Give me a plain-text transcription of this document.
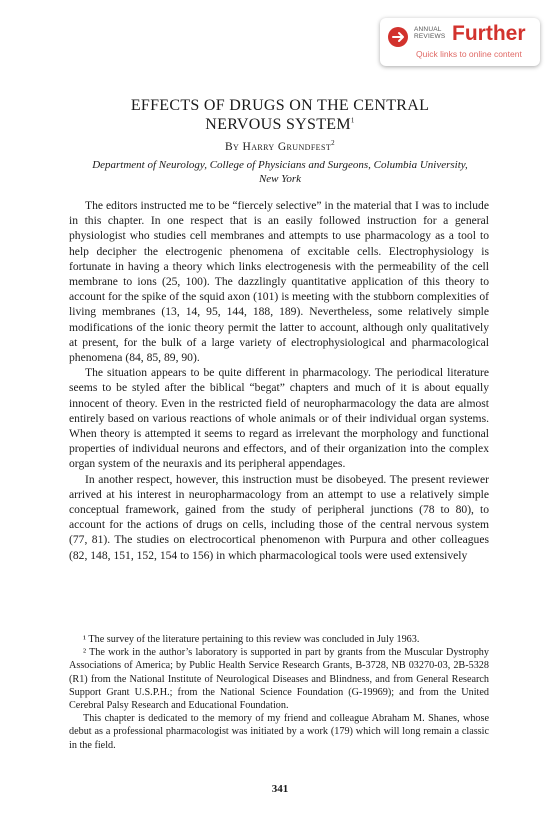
ANNUAL
REVIEWS Further
Quick links to online content
EFFECTS OF DRUGS ON THE CENTRAL
NERVOUS SYSTEM$^1$
By Harry Grundfest$^2$
Department of Neurology, College of Physicians and Surgeons, Columbia University,
New York

The editors instructed me to be “fiercely selective” in the material that I was to include in this chapter. In one respect that is an easily followed instruction for a general physiologist who studies cell membranes and attempts to use pharmacology as a tool to help decipher the electrogenic phenomena of excitable cells. Electrophysiology is fortunate in having a theory which links electrogenesis with the permeability of the cell membrane to ions (25, 100). The dazzlingly quantitative application of this theory to account for the spike of the squid axon (101) is meeting with the stubborn complexities of living membranes (13, 14, 95, 144, 188, 189). Nevertheless, some relatively simple modifications of the ionic theory permit the latter to account, although only qualitatively at present, for the bulk of a large variety of electrophysiological and pharmacological phenomena (84, 85, 89, 90).

The situation appears to be quite different in pharmacology. The periodical literature seems to be styled after the biblical “begat” chapters and much of it is about equally innocent of theory. Even in the restricted field of neuropharmacology the data are almost entirely based on various reactions of whole animals or of their individual organ systems. When theory is attempted it seems to regard as irrelevant the morphology and functional properties of individual neurons and effectors, and of their organization into the complex organ system of the neuraxis and its peripheral appendages.

In another respect, however, this instruction must be disobeyed. The present reviewer arrived at his interest in neuropharmacology from an attempt to use a relatively simple conceptual framework, gained from the study of peripheral junctions (78 to 80), to account for the actions of drugs on cells, including those of the central nervous system (77, 81). The studies on electrocortical phenomenon with Purpura and other colleagues (82, 148, 151, 152, 154 to 156) in which pharmacological tools were used extensively

¹ The survey of the literature pertaining to this review was concluded in July 1963.

² The work in the author’s laboratory is supported in part by grants from the Muscular Dystrophy Associations of America; by Public Health Service Research Grants, B-3728, NB 03270-03, 2B-5328 (R1) from the National Institute of Neurological Diseases and Blindness, and from General Research Support Grant U.S.P.H.; from the National Science Foundation (G-19969); and from the United Cerebral Palsy Research and Educational Foundation.

This chapter is dedicated to the memory of my friend and colleague Abraham M. Shanes, whose debut as a professional pharmacologist was initiated by a work (179) which will long remain a classic in the field.

341
